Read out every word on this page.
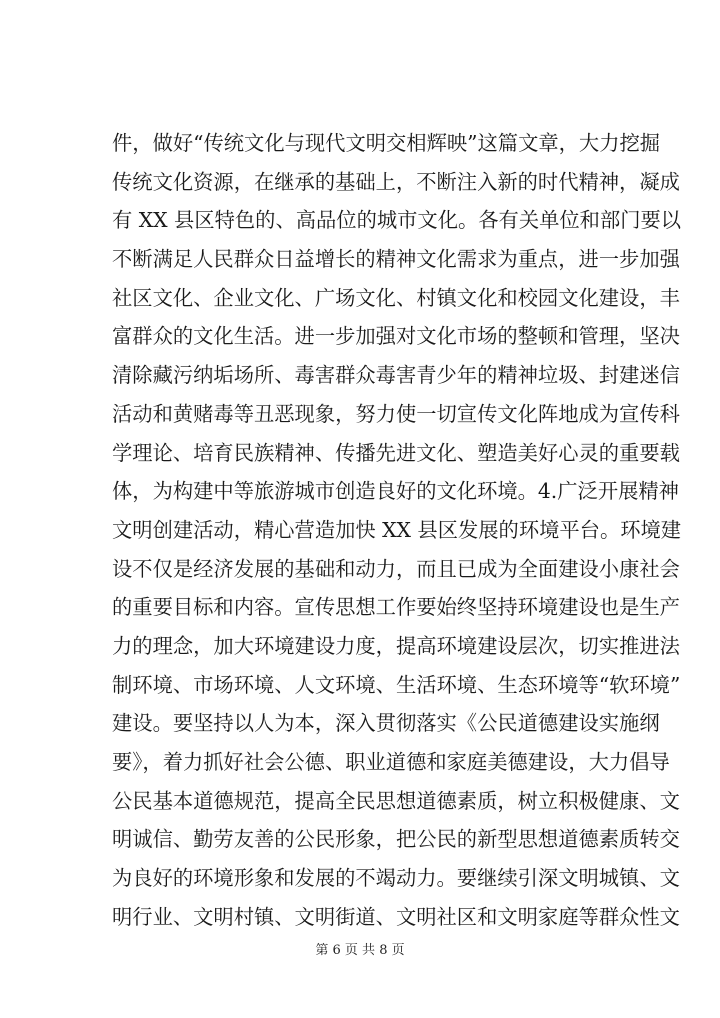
件，做好“传统文化与现代文明交相辉映”这篇文章，大力挖掘
传统文化资源，在继承的基础上，不断注入新的时代精神，凝成
有 XX 县区特色的、高品位的城市文化。各有关单位和部门要以
不断满足人民群众日益增长的精神文化需求为重点，进一步加强
社区文化、企业文化、广场文化、村镇文化和校园文化建设，丰
富群众的文化生活。进一步加强对文化市场的整顿和管理，坚决
清除藏污纳垢场所、毒害群众毒害青少年的精神垃圾、封建迷信
活动和黄赌毒等丑恶现象，努力使一切宣传文化阵地成为宣传科
学理论、培育民族精神、传播先进文化、塑造美好心灵的重要载
体，为构建中等旅游城市创造良好的文化环境。4.广泛开展精神
文明创建活动，精心营造加快 XX 县区发展的环境平台。环境建
设不仅是经济发展的基础和动力，而且已成为全面建设小康社会
的重要目标和内容。宣传思想工作要始终坚持环境建设也是生产
力的理念，加大环境建设力度，提高环境建设层次，切实推进法
制环境、市场环境、人文环境、生活环境、生态环境等“软环境”
建设。要坚持以人为本，深入贯彻落实《公民道德建设实施纲
要》，着力抓好社会公德、职业道德和家庭美德建设，大力倡导
公民基本道德规范，提高全民思想道德素质，树立积极健康、文
明诚信、勤劳友善的公民形象，把公民的新型思想道德素质转交
为良好的环境形象和发展的不竭动力。要继续引深文明城镇、文
明行业、文明村镇、文明街道、文明社区和文明家庭等群众性文
第 6 页 共 8 页
